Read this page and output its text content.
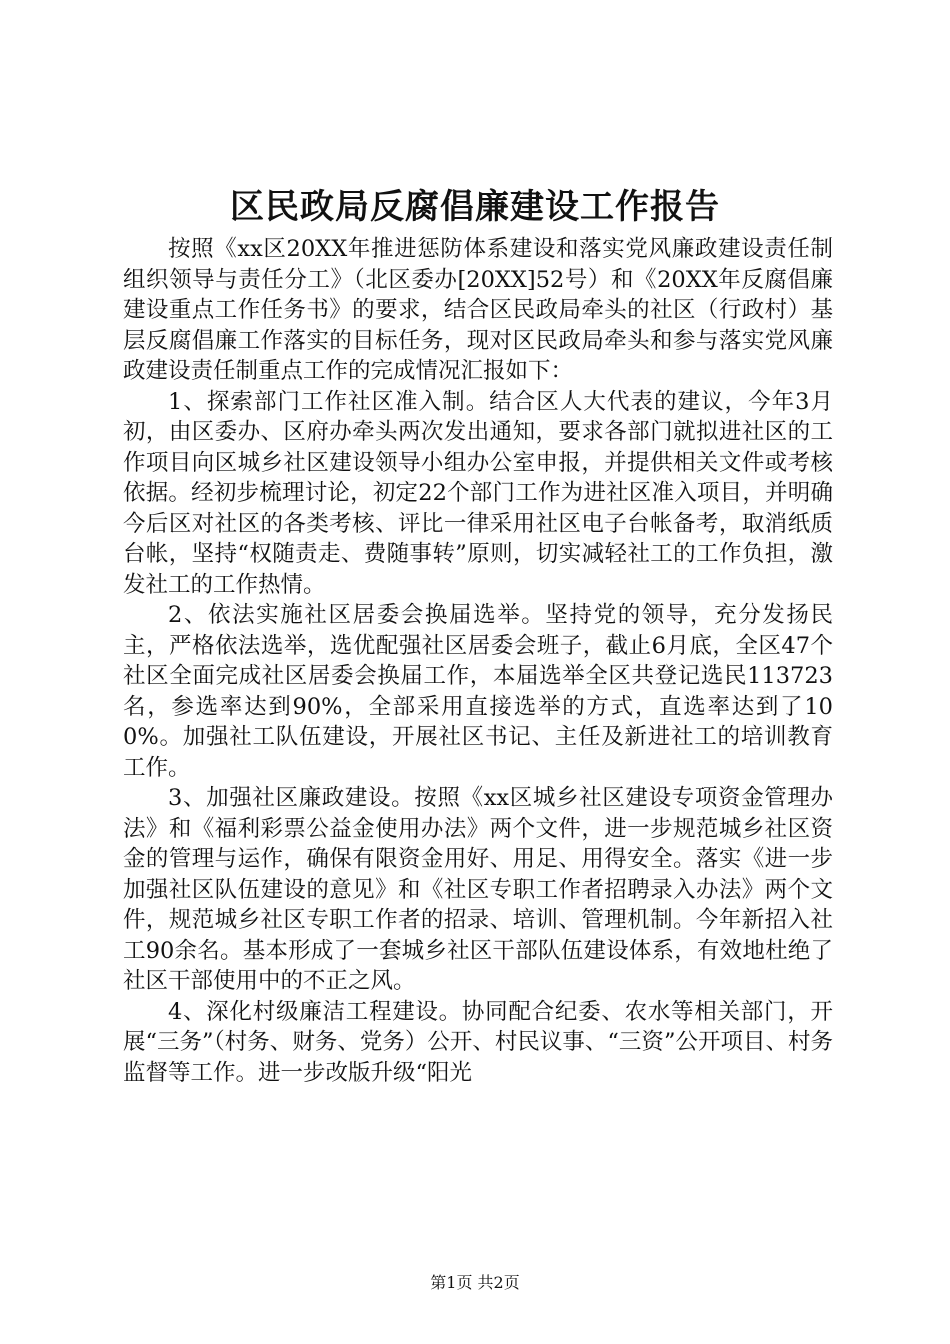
区民政局反腐倡廉建设工作报告

按照《xx区20XX年推进惩防体系建设和落实党风廉政建设责任制组织领导与责任分工》（北区委办[20XX]52号）和《20XX年反腐倡廉建设重点工作任务书》的要求，结合区民政局牵头的社区（行政村）基层反腐倡廉工作落实的目标任务，现对区民政局牵头和参与落实党风廉政建设责任制重点工作的完成情况汇报如下：

1、探索部门工作社区准入制。结合区人大代表的建议，今年3月初，由区委办、区府办牵头两次发出通知，要求各部门就拟进社区的工作项目向区城乡社区建设领导小组办公室申报，并提供相关文件或考核依据。经初步梳理讨论，初定22个部门工作为进社区准入项目，并明确今后区对社区的各类考核、评比一律采用社区电子台帐备考，取消纸质台帐，坚持“权随责走、费随事转”原则，切实减轻社工的工作负担，激发社工的工作热情。

2、依法实施社区居委会换届选举。坚持党的领导，充分发扬民主，严格依法选举，选优配强社区居委会班子，截止6月底，全区47个社区全面完成社区居委会换届工作，本届选举全区共登记选民113723名，参选率达到90%，全部采用直接选举的方式，直选率达到了100%。加强社工队伍建设，开展社区书记、主任及新进社工的培训教育工作。

3、加强社区廉政建设。按照《xx区城乡社区建设专项资金管理办法》和《福利彩票公益金使用办法》两个文件，进一步规范城乡社区资金的管理与运作，确保有限资金用好、用足、用得安全。落实《进一步加强社区队伍建设的意见》和《社区专职工作者招聘录入办法》两个文件，规范城乡社区专职工作者的招录、培训、管理机制。今年新招入社工90余名。基本形成了一套城乡社区干部队伍建设体系，有效地杜绝了社区干部使用中的不正之风。

4、深化村级廉洁工程建设。协同配合纪委、农水等相关部门，开展“三务”（村务、财务、党务）公开、村民议事、“三资”公开项目、村务监督等工作。进一步改版升级“阳光

第1页 共2页
